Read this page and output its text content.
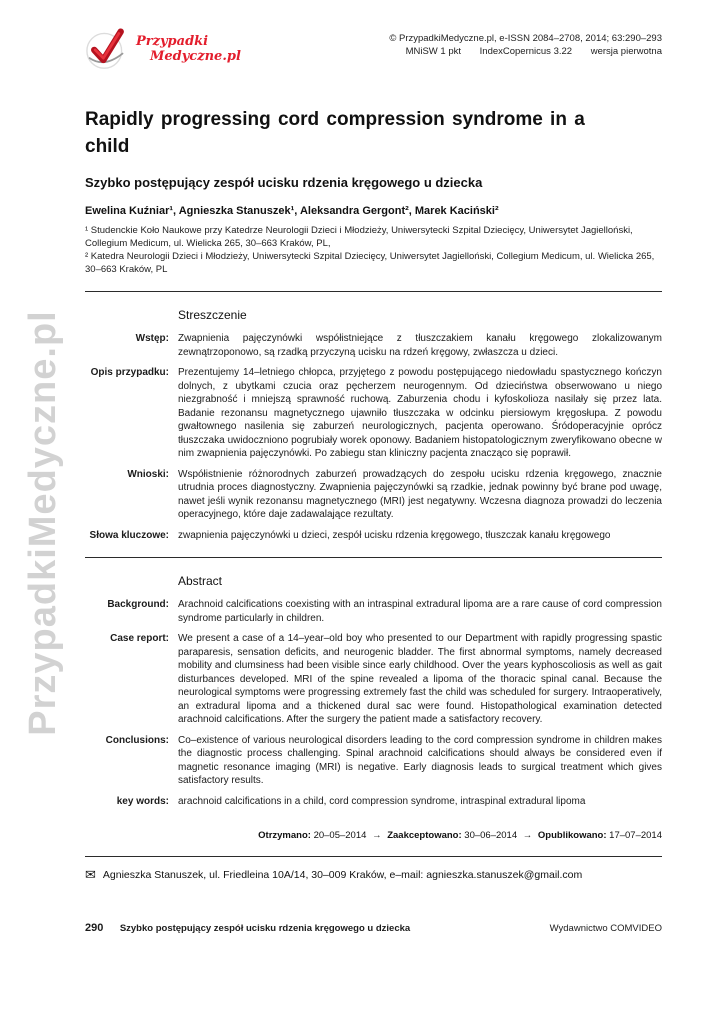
PrzypadkiMedyczne.pl
Przypadki
Medyczne.pl
© PrzypadkiMedyczne.pl, e-ISSN 2084–2708, 2014; 63:290–293
MNiSW 1 pkt IndexCopernicus 3.22 wersja pierwotna
Rapidly progressing cord compression syndrome in a child
Szybko postępujący zespół ucisku rdzenia kręgowego u dziecka
Ewelina Kuźniar¹, Agnieszka Stanuszek¹, Aleksandra Gergont², Marek Kaciński²

¹ Studenckie Koło Naukowe przy Katedrze Neurologii Dzieci i Młodzieży, Uniwersytecki Szpital Dziecięcy, Uniwersytet Jagielloński, Collegium Medicum, ul. Wielicka 265, 30–663 Kraków, PL,

² Katedra Neurologii Dzieci i Młodzieży, Uniwersytecki Szpital Dziecięcy, Uniwersytet Jagielloński, Collegium Medicum, ul. Wielicka 265, 30–663 Kraków, PL

Streszczenie
Wstęp: Zwapnienia pajęczynówki współistniejące z tłuszczakiem kanału kręgowego zlokalizowanym zewnątrzoponowo, są rzadką przyczyną ucisku na rdzeń kręgowy, zwłaszcza u dzieci.
Opis przypadku: Prezentujemy 14–letniego chłopca, przyjętego z powodu postępującego niedowładu spastycznego kończyn dolnych, z ubytkami czucia oraz pęcherzem neurogennym. Od dzieciństwa obserwowano u niego niezgrabność i mniejszą sprawność ruchową. Zaburzenia chodu i kyfoskolioza nasilały się przez lata. Badanie rezonansu magnetycznego ujawniło tłuszczaka w odcinku piersiowym kręgosłupa. Z powodu gwałtownego nasilenia się zaburzeń neurologicznych, pacjenta operowano. Śródoperacyjnie oprócz tłuszczaka uwidoczniono pogrubiały worek oponowy. Badaniem histopatologicznym zweryfikowano obecne w nim zwapnienia pajęczynówki. Po zabiegu stan kliniczny pacjenta znacząco się poprawił.
Wnioski: Współistnienie różnorodnych zaburzeń prowadzących do zespołu ucisku rdzenia kręgowego, znacznie utrudnia proces diagnostyczny. Zwapnienia pajęczynówki są rzadkie, jednak powinny być brane pod uwagę, nawet jeśli wynik rezonansu magnetycznego (MRI) jest negatywny. Wczesna diagnoza prowadzi do leczenia operacyjnego, które daje zadawalające rezultaty.
Słowa kluczowe: zwapnienia pajęczynówki u dzieci, zespół ucisku rdzenia kręgowego, tłuszczak kanału kręgowego
Abstract
Background: Arachnoid calcifications coexisting with an intraspinal extradural lipoma are a rare cause of cord compression syndrome particularly in children.
Case report: We present a case of a 14–year–old boy who presented to our Department with rapidly progressing spastic paraparesis, sensation deficits, and neurogenic bladder. The first abnormal symptoms, namely decreased mobility and clumsiness had been visible since early childhood. Over the years kyphoscoliosis as well as gait disturbances developed. MRI of the spine revealed a lipoma of the thoracic spinal canal. Because the neurological symptoms were progressing extremely fast the child was scheduled for surgery. Intraoperatively, an extradural lipoma and a thickened dural sac were found. Histopathological examination detected arachnoid calcifications. After the surgery the patient made a satisfactory recovery.
Conclusions: Co–existence of various neurological disorders leading to the cord compression syndrome in children makes the diagnostic process challenging. Spinal arachnoid calcifications should always be considered even if magnetic resonance imaging (MRI) is negative. Early diagnosis leads to surgical treatment which gives satisfactory results.
key words: arachnoid calcifications in a child, cord compression syndrome, intraspinal extradural lipoma
Otrzymano: 20–05–2014 → Zaakceptowano: 30–06–2014 → Opublikowano: 17–07–2014
✉ Agnieszka Stanuszek, ul. Friedleina 10A/14, 30–009 Kraków, e–mail: agnieszka.stanuszek@gmail.com
290 Szybko postępujący zespół ucisku rdzenia kręgowego u dziecka	Wydawnictwo COMVIDEO
